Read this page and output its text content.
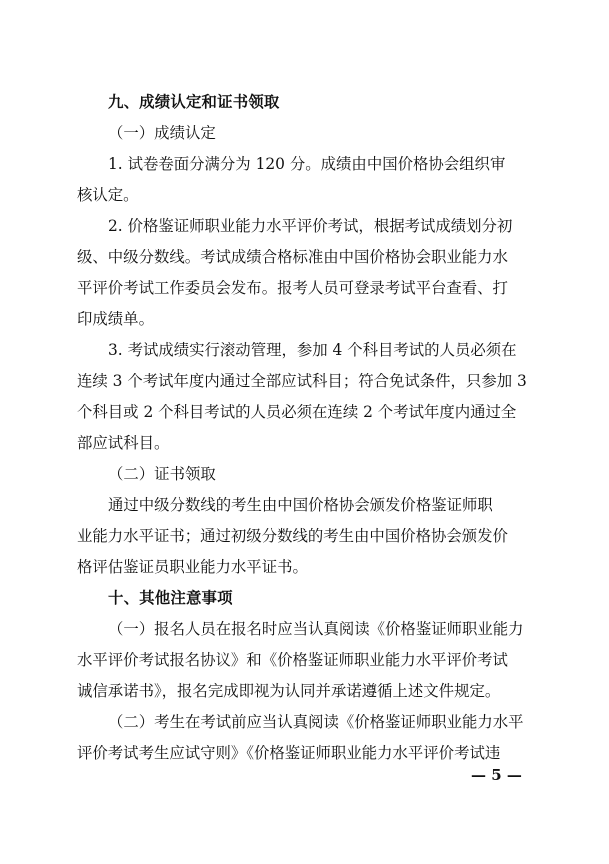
九、成绩认定和证书领取
（一）成绩认定
1. 试卷卷面分满分为 120 分。成绩由中国价格协会组织审
核认定。
2. 价格鉴证师职业能力水平评价考试，根据考试成绩划分初
级、中级分数线。考试成绩合格标准由中国价格协会职业能力水
平评价考试工作委员会发布。报考人员可登录考试平台查看、打
印成绩单。
3. 考试成绩实行滚动管理，参加 4 个科目考试的人员必须在
连续 3 个考试年度内通过全部应试科目；符合免试条件，只参加 3
个科目或 2 个科目考试的人员必须在连续 2 个考试年度内通过全
部应试科目。
（二）证书领取
通过中级分数线的考生由中国价格协会颁发价格鉴证师职
业能力水平证书；通过初级分数线的考生由中国价格协会颁发价
格评估鉴证员职业能力水平证书。
十、其他注意事项
（一）报名人员在报名时应当认真阅读《价格鉴证师职业能力
水平评价考试报名协议》和《价格鉴证师职业能力水平评价考试
诚信承诺书》，报名完成即视为认同并承诺遵循上述文件规定。
（二）考生在考试前应当认真阅读《价格鉴证师职业能力水平
评价考试考生应试守则》《价格鉴证师职业能力水平评价考试违
— 5 —
